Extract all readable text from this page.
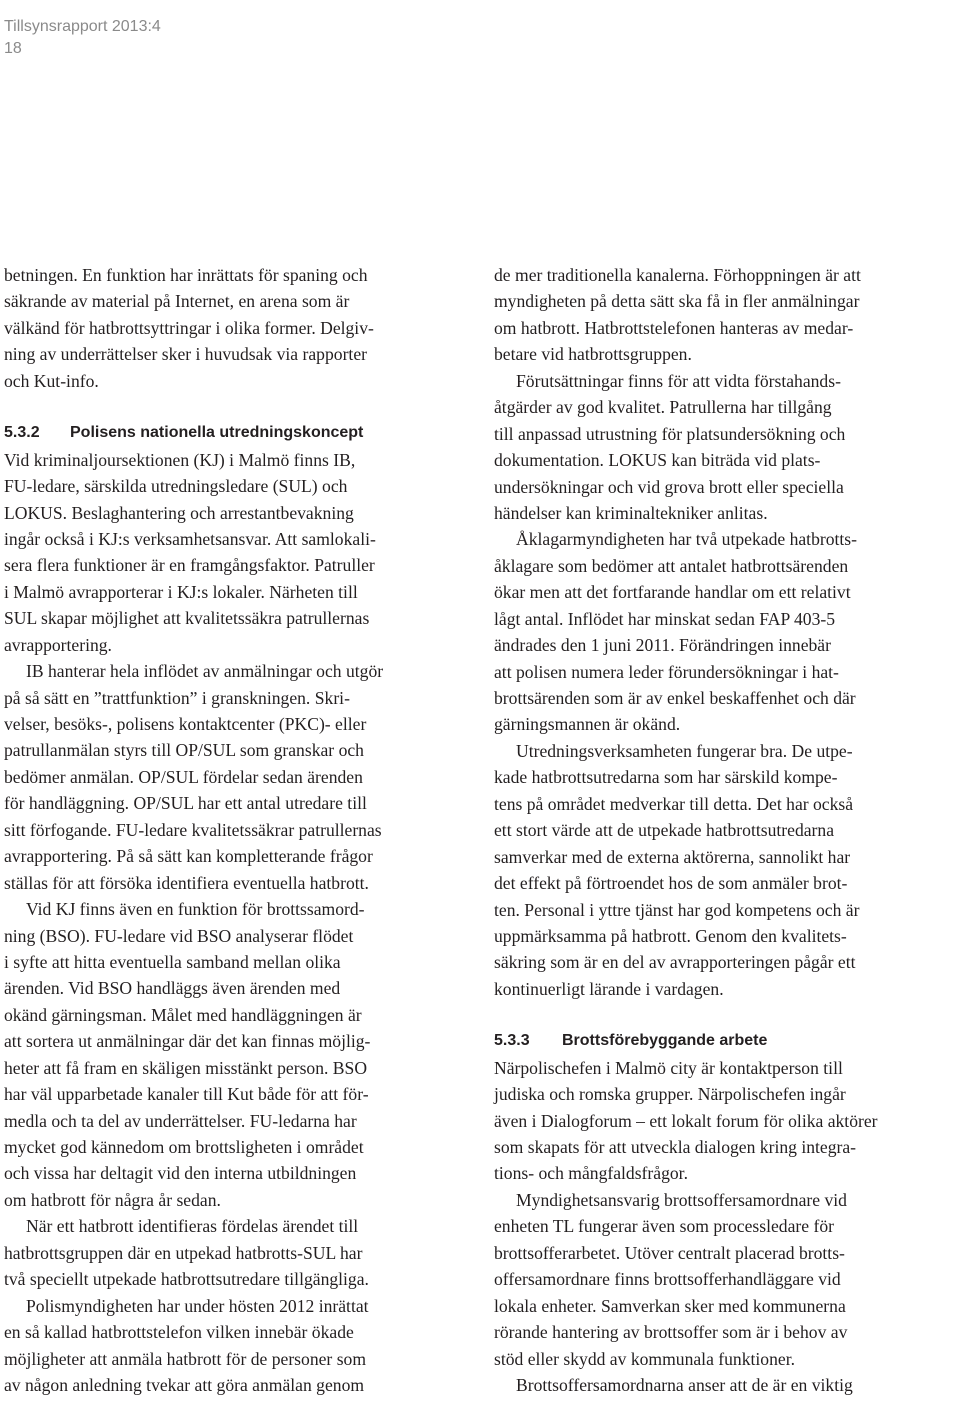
Tillsynsrapport 2013:4
18
betningen. En funktion har inrättats för spaning och
säkrande av material på Internet, en arena som är
välkänd för hatbrottsyttringar i olika former. Delgiv-
ning av underrättelser sker i huvudsak via rapporter
och Kut-info.
5.3.2 Polisens nationella utredningskoncept
Vid kriminaljoursektionen (KJ) i Malmö finns IB,
FU-ledare, särskilda utredningsledare (SUL) och
LOKUS. Beslaghantering och arrestantbevakning
ingår också i KJ:s verksamhetsansvar. Att samlokali-
sera flera funktioner är en framgångsfaktor. Patruller
i Malmö avrapporterar i KJ:s lokaler. Närheten till
SUL skapar möjlighet att kvalitetssäkra patrullernas
avrapportering.
IB hanterar hela inflödet av anmälningar och utgör
på så sätt en ”trattfunktion” i granskningen. Skri-
velser, besöks-, polisens kontaktcenter (PKC)- eller
patrullanmälan styrs till OP/SUL som granskar och
bedömer anmälan. OP/SUL fördelar sedan ärenden
för handläggning. OP/SUL har ett antal utredare till
sitt förfogande. FU-ledare kvalitetssäkrar patrullernas
avrapportering. På så sätt kan kompletterande frågor
ställas för att försöka identifiera eventuella hatbrott.
Vid KJ finns även en funktion för brottssamord-
ning (BSO). FU-ledare vid BSO analyserar flödet
i syfte att hitta eventuella samband mellan olika
ärenden. Vid BSO handläggs även ärenden med
okänd gärningsman. Målet med handläggningen är
att sortera ut anmälningar där det kan finnas möjlig-
heter att få fram en skäligen misstänkt person. BSO
har väl upparbetade kanaler till Kut både för att för-
medla och ta del av underrättelser. FU-ledarna har
mycket god kännedom om brottsligheten i området
och vissa har deltagit vid den interna utbildningen
om hatbrott för några år sedan.
När ett hatbrott identifieras fördelas ärendet till
hatbrottsgruppen där en utpekad hatbrotts-SUL har
två speciellt utpekade hatbrottsutredare tillgängliga.
Polismyndigheten har under hösten 2012 inrättat
en så kallad hatbrottstelefon vilken innebär ökade
möjligheter att anmäla hatbrott för de personer som
av någon anledning tvekar att göra anmälan genom
de mer traditionella kanalerna. Förhoppningen är att
myndigheten på detta sätt ska få in fler anmälningar
om hatbrott. Hatbrottstelefonen hanteras av medar-
betare vid hatbrottsgruppen.
Förutsättningar finns för att vidta förstahands-
åtgärder av god kvalitet. Patrullerna har tillgång
till anpassad utrustning för platsundersökning och
dokumentation. LOKUS kan biträda vid plats-
undersökningar och vid grova brott eller speciella
händelser kan kriminaltekniker anlitas.
Åklagarmyndigheten har två utpekade hatbrotts-
åklagare som bedömer att antalet hatbrottsärenden
ökar men att det fortfarande handlar om ett relativt
lågt antal. Inflödet har minskat sedan FAP 403-5
ändrades den 1 juni 2011. Förändringen innebär
att polisen numera leder förundersökningar i hat-
brottsärenden som är av enkel beskaffenhet och där
gärningsmannen är okänd.
Utredningsverksamheten fungerar bra. De utpe-
kade hatbrottsutredarna som har särskild kompe-
tens på området medverkar till detta. Det har också
ett stort värde att de utpekade hatbrottsutredarna
samverkar med de externa aktörerna, sannolikt har
det effekt på förtroendet hos de som anmäler brot-
ten. Personal i yttre tjänst har god kompetens och är
uppmärksamma på hatbrott. Genom den kvalitets-
säkring som är en del av avrapporteringen pågår ett
kontinuerligt lärande i vardagen.
5.3.3 Brottsförebyggande arbete
Närpolischefen i Malmö city är kontaktperson till
judiska och romska grupper. Närpolischefen ingår
även i Dialogforum – ett lokalt forum för olika aktörer
som skapats för att utveckla dialogen kring integra-
tions- och mångfaldsfrågor.
Myndighetsansvarig brottsoffersamordnare vid
enheten TL fungerar även som processledare för
brottsofferarbetet. Utöver centralt placerad brotts-
offersamordnare finns brottsofferhandläggare vid
lokala enheter. Samverkan sker med kommunerna
rörande hantering av brottsoffer som är i behov av
stöd eller skydd av kommunala funktioner.
Brottsoffersamordnarna anser att de är en viktig
